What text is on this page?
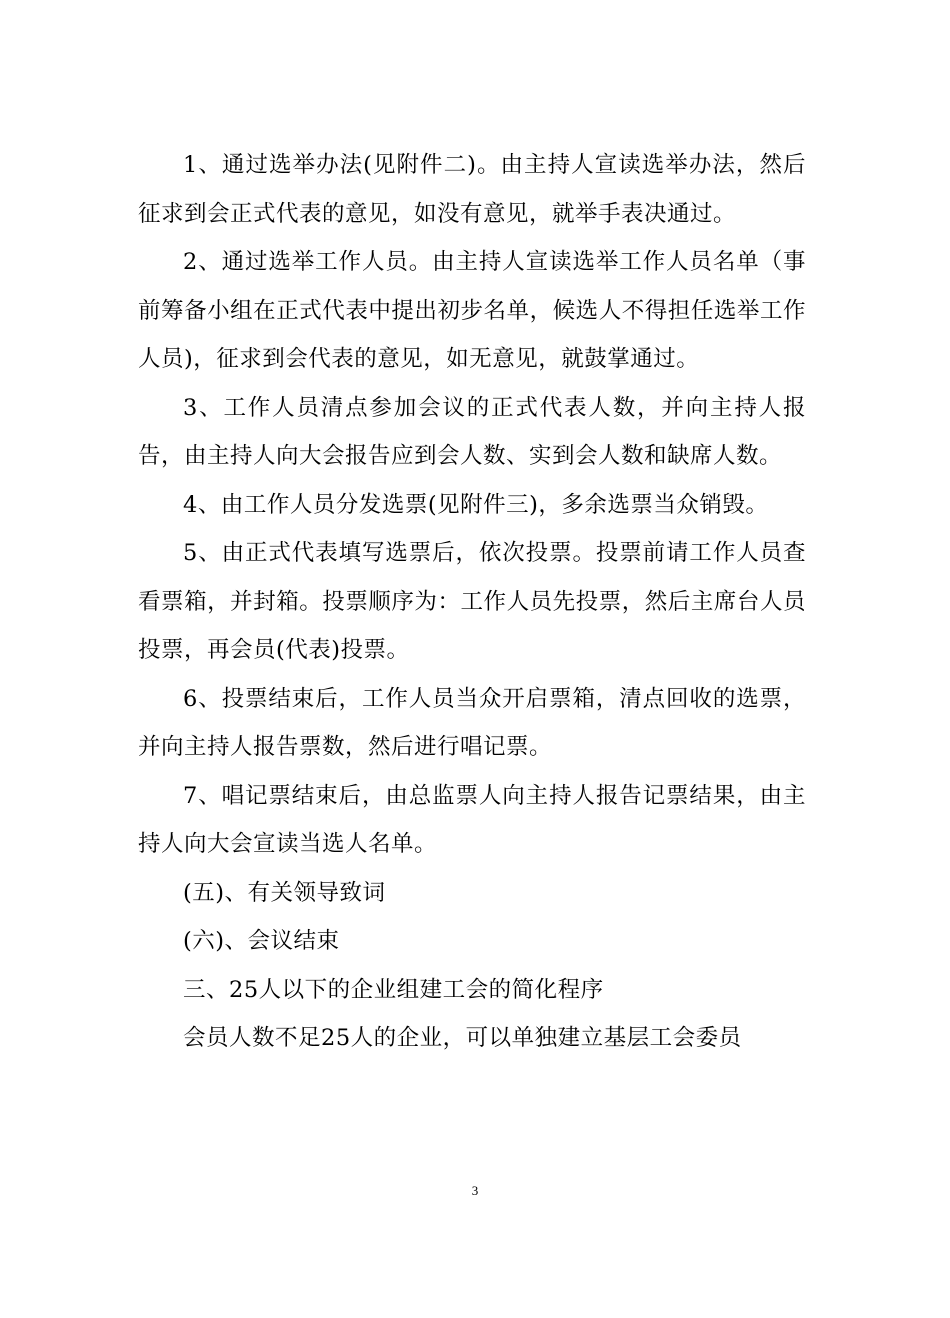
1、通过选举办法(见附件二)。由主持人宣读选举办法，然后征求到会正式代表的意见，如没有意见，就举手表决通过。

2、通过选举工作人员。由主持人宣读选举工作人员名单（事前筹备小组在正式代表中提出初步名单，候选人不得担任选举工作人员)，征求到会代表的意见，如无意见，就鼓掌通过。

3、工作人员清点参加会议的正式代表人数，并向主持人报告，由主持人向大会报告应到会人数、实到会人数和缺席人数。

4、由工作人员分发选票(见附件三)，多余选票当众销毁。

5、由正式代表填写选票后，依次投票。投票前请工作人员查看票箱，并封箱。投票顺序为：工作人员先投票，然后主席台人员投票，再会员(代表)投票。

6、投票结束后，工作人员当众开启票箱，清点回收的选票，并向主持人报告票数，然后进行唱记票。

7、唱记票结束后，由总监票人向主持人报告记票结果，由主持人向大会宣读当选人名单。

(五)、有关领导致词

(六)、会议结束

三、25人以下的企业组建工会的简化程序

会员人数不足25人的企业，可以单独建立基层工会委员

3
